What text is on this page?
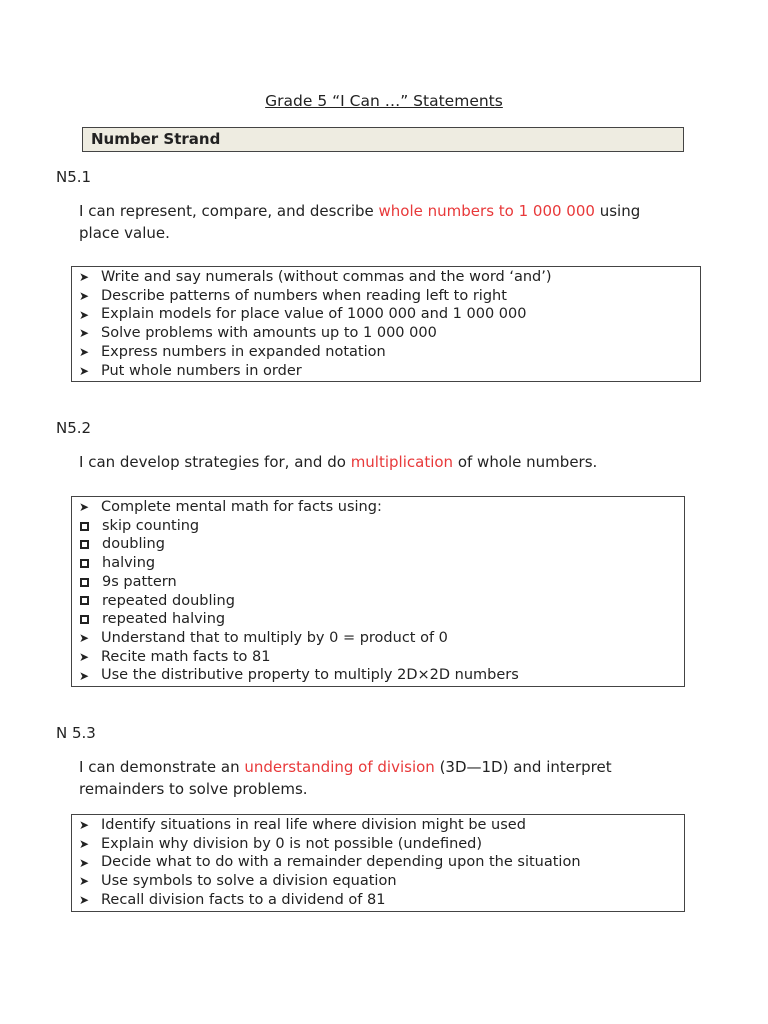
Grade 5 “I Can …” Statements
Number Strand
N5.1
I can represent, compare, and describe whole numbers to 1 000 000 using place value.
➤ Write and say numerals (without commas and the word ‘and’)
➤ Describe patterns of numbers when reading left to right
➤ Explain models for place value of 1000 000 and 1 000 000
➤ Solve problems with amounts up to 1 000 000
➤ Express numbers in expanded notation
➤ Put whole numbers in order
N5.2
I can develop strategies for, and do multiplication of whole numbers.
➤ Complete mental math for facts using:
skip counting
doubling
halving
9s pattern
repeated doubling
repeated halving
➤ Understand that to multiply by 0 = product of 0
➤ Recite math facts to 81
➤ Use the distributive property to multiply 2D×2D numbers
N 5.3
I can demonstrate an understanding of division (3D—1D) and interpret remainders to solve problems.
➤ Identify situations in real life where division might be used
➤ Explain why division by 0 is not possible (undefined)
➤ Decide what to do with a remainder depending upon the situation
➤ Use symbols to solve a division equation
➤ Recall division facts to a dividend of 81
